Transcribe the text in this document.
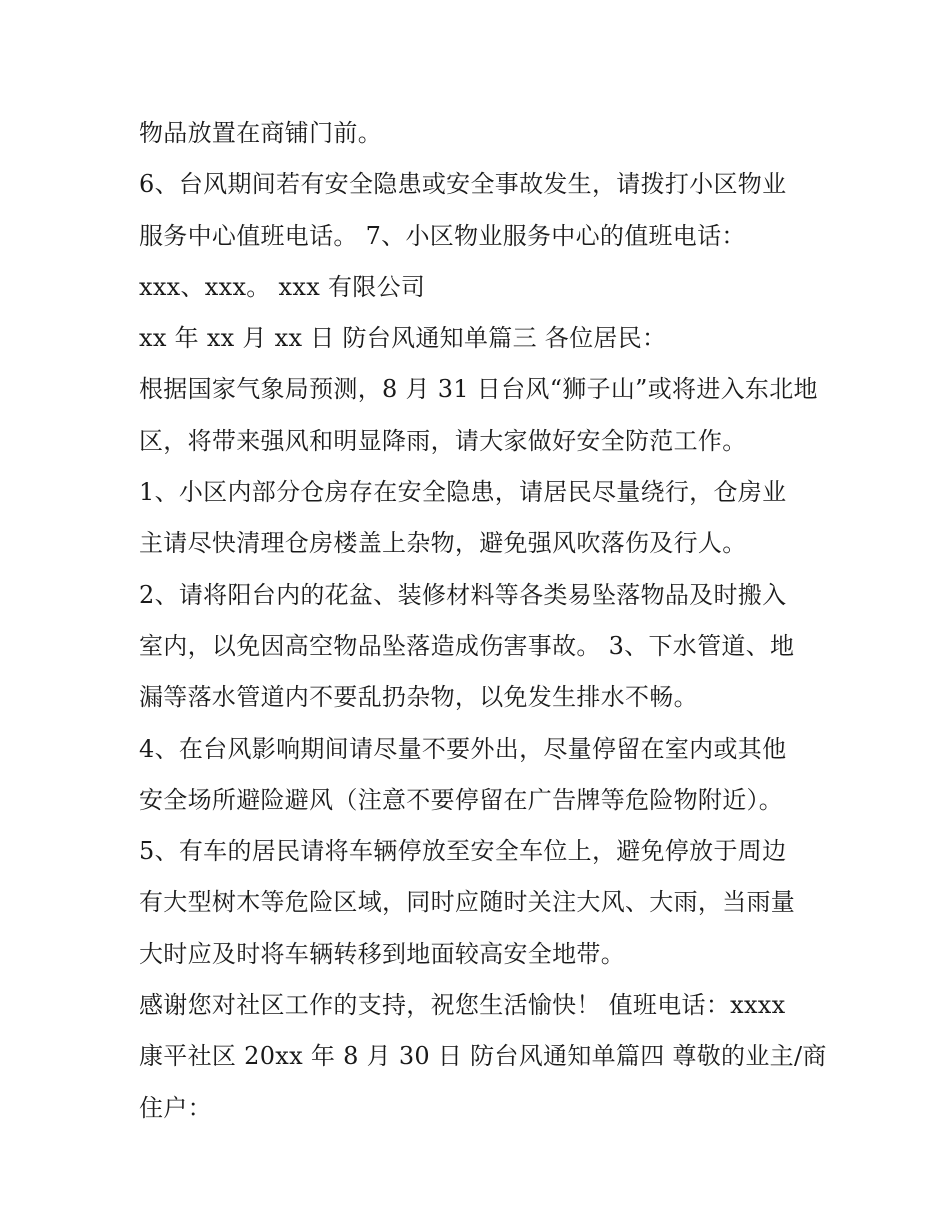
物品放置在商铺门前。
6、台风期间若有安全隐患或安全事故发生，请拨打小区物业
服务中心值班电话。 7、小区物业服务中心的值班电话：
xxx、xxx。 xxx 有限公司
xx 年 xx 月 xx 日 防台风通知单篇三 各位居民：
根据国家气象局预测，8 月 31 日台风“狮子山”或将进入东北地
区，将带来强风和明显降雨，请大家做好安全防范工作。
1、小区内部分仓房存在安全隐患，请居民尽量绕行，仓房业
主请尽快清理仓房楼盖上杂物，避免强风吹落伤及行人。
2、请将阳台内的花盆、装修材料等各类易坠落物品及时搬入
室内，以免因高空物品坠落造成伤害事故。 3、下水管道、地
漏等落水管道内不要乱扔杂物，以免发生排水不畅。
4、在台风影响期间请尽量不要外出，尽量停留在室内或其他
安全场所避险避风（注意不要停留在广告牌等危险物附近）。
5、有车的居民请将车辆停放至安全车位上，避免停放于周边
有大型树木等危险区域，同时应随时关注大风、大雨，当雨量
大时应及时将车辆转移到地面较高安全地带。
感谢您对社区工作的支持，祝您生活愉快！ 值班电话：xxxx
康平社区 20xx 年 8 月 30 日 防台风通知单篇四 尊敬的业主/商
住户：
